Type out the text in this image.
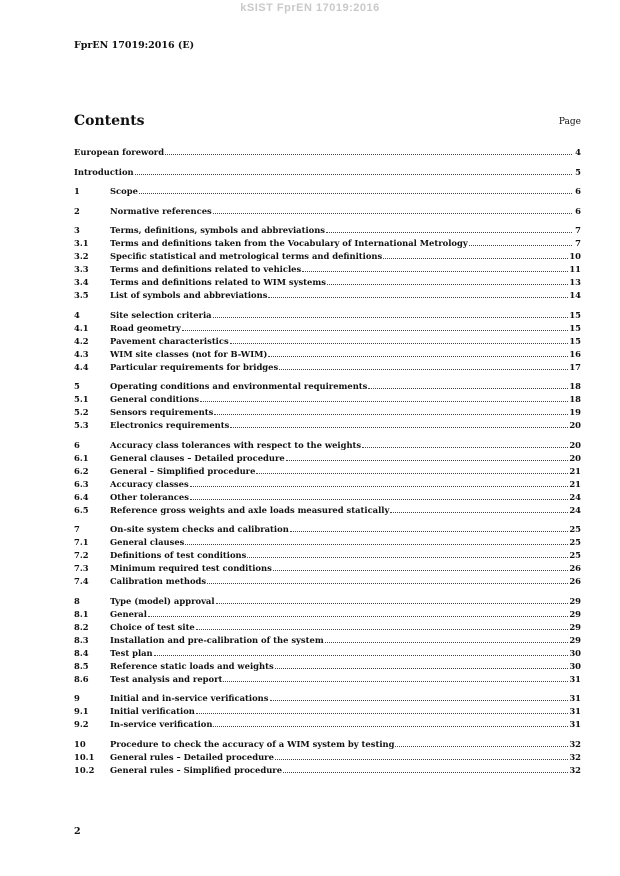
kSIST FprEN 17019:2016
FprEN 17019:2016 (E)
Contents	Page
European foreword	4
Introduction	5
1	Scope	6
2	Normative references	6
3	Terms, definitions, symbols and abbreviations	7
3.1	Terms and definitions taken from the Vocabulary of International Metrology	7
3.2	Specific statistical and metrological terms and definitions	10
3.3	Terms and definitions related to vehicles	11
3.4	Terms and definitions related to WIM systems	13
3.5	List of symbols and abbreviations	14
4	Site selection criteria	15
4.1	Road geometry	15
4.2	Pavement characteristics	15
4.3	WIM site classes (not for B-WIM)	16
4.4	Particular requirements for bridges	17
5	Operating conditions and environmental requirements	18
5.1	General conditions	18
5.2	Sensors requirements	19
5.3	Electronics requirements	20
6	Accuracy class tolerances with respect to the weights	20
6.1	General clauses – Detailed procedure	20
6.2	General – Simplified procedure	21
6.3	Accuracy classes	21
6.4	Other tolerances	24
6.5	Reference gross weights and axle loads measured statically	24
7	On-site system checks and calibration	25
7.1	General clauses	25
7.2	Definitions of test conditions	25
7.3	Minimum required test conditions	26
7.4	Calibration methods	26
8	Type (model) approval	29
8.1	General	29
8.2	Choice of test site	29
8.3	Installation and pre-calibration of the system	29
8.4	Test plan	30
8.5	Reference static loads and weights	30
8.6	Test analysis and report	31
9	Initial and in-service verifications	31
9.1	Initial verification	31
9.2	In-service verification	31
10	Procedure to check the accuracy of a WIM system by testing	32
10.1	General rules – Detailed procedure	32
10.2	General rules – Simplified procedure	32
2
